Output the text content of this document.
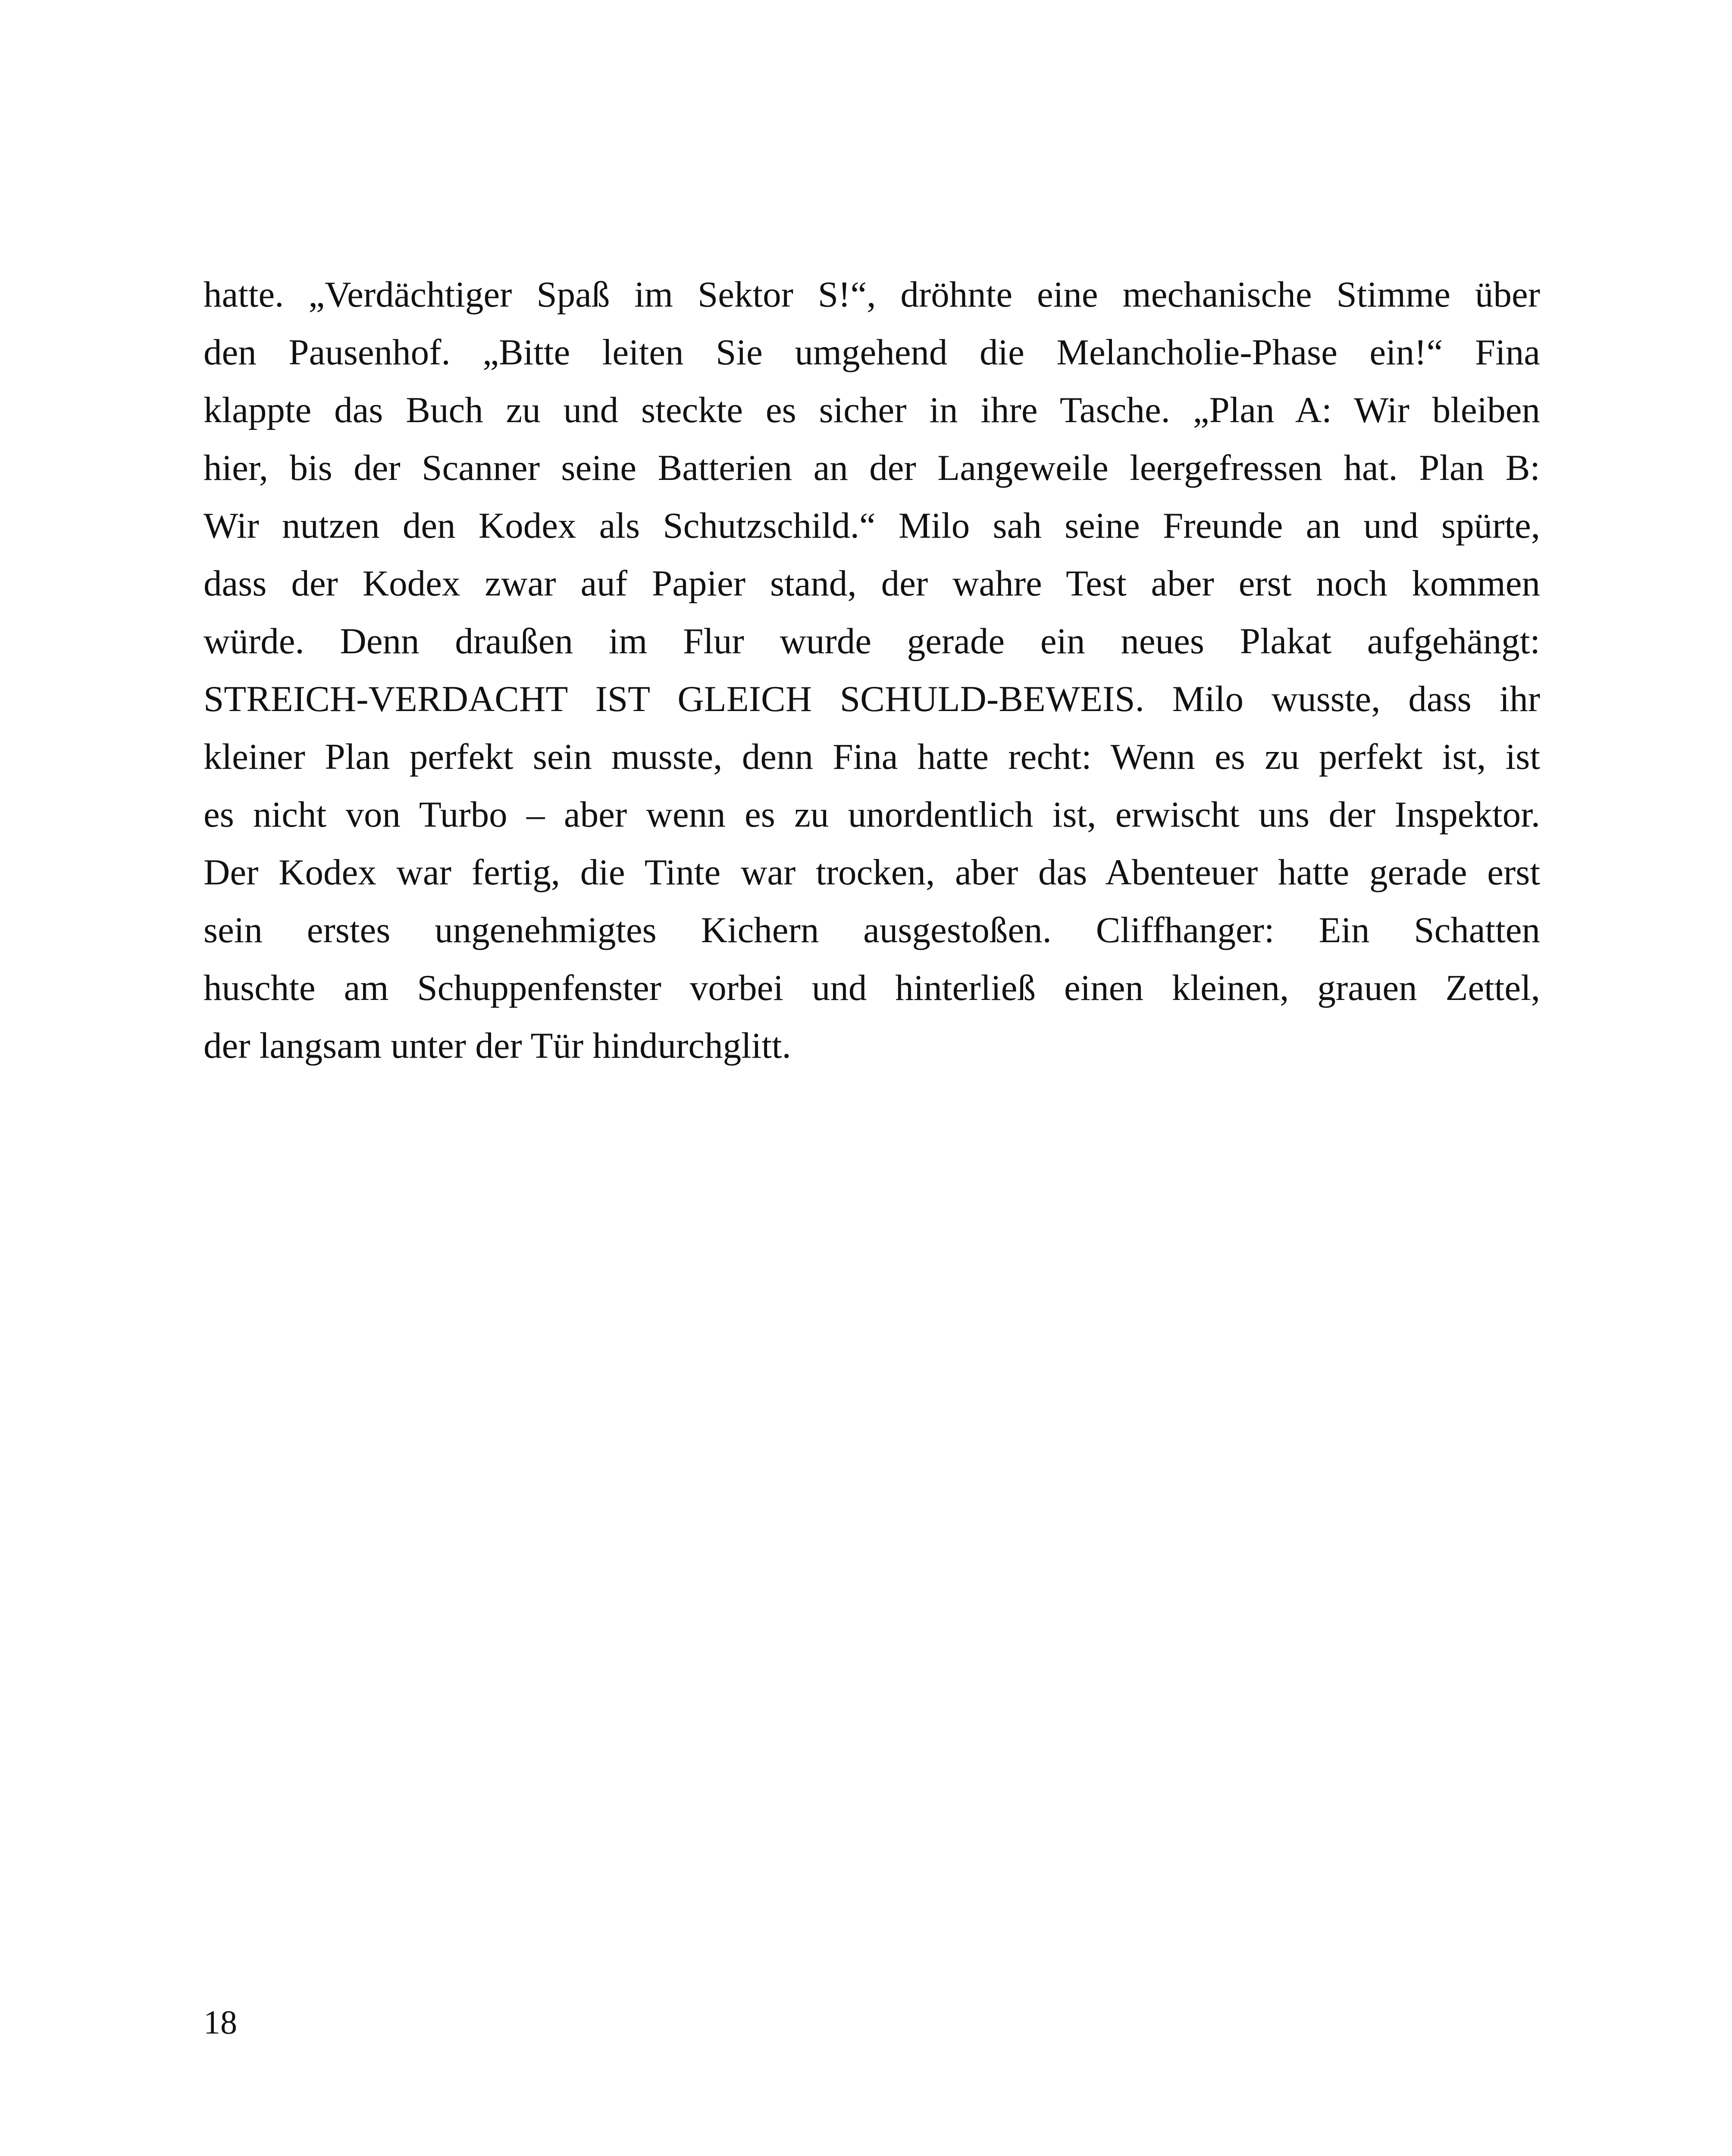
hatte. „Verdächtiger Spaß im Sektor S!“, dröhnte eine mechanische Stimme über
den Pausenhof. „Bitte leiten Sie umgehend die Melancholie-Phase ein!“ Fina
klappte das Buch zu und steckte es sicher in ihre Tasche. „Plan A: Wir bleiben
hier, bis der Scanner seine Batterien an der Langeweile leergefressen hat. Plan B:
Wir nutzen den Kodex als Schutzschild.“ Milo sah seine Freunde an und spürte,
dass der Kodex zwar auf Papier stand, der wahre Test aber erst noch kommen
würde. Denn draußen im Flur wurde gerade ein neues Plakat aufgehängt:
STREICH-VERDACHT IST GLEICH SCHULD-BEWEIS. Milo wusste, dass ihr
kleiner Plan perfekt sein musste, denn Fina hatte recht: Wenn es zu perfekt ist, ist
es nicht von Turbo – aber wenn es zu unordentlich ist, erwischt uns der Inspektor.
Der Kodex war fertig, die Tinte war trocken, aber das Abenteuer hatte gerade erst
sein erstes ungenehmigtes Kichern ausgestoßen. Cliffhanger: Ein Schatten
huschte am Schuppenfenster vorbei und hinterließ einen kleinen, grauen Zettel,
der langsam unter der Tür hindurchglitt.

18
